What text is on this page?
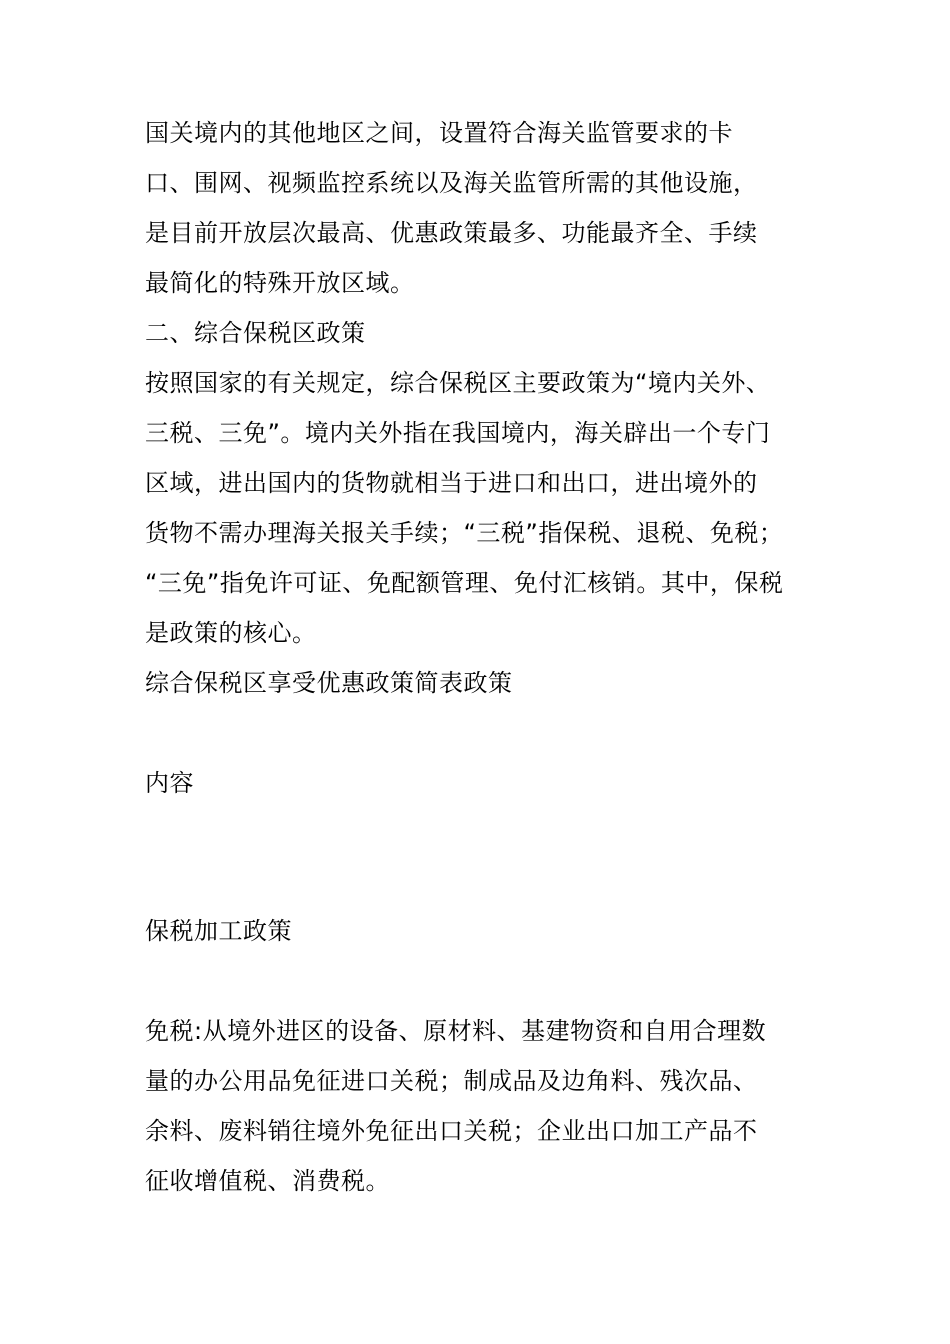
国关境内的其他地区之间，设置符合海关监管要求的卡
口、围网、视频监控系统以及海关监管所需的其他设施，
是目前开放层次最高、优惠政策最多、功能最齐全、手续
最简化的特殊开放区域。
二、综合保税区政策
按照国家的有关规定，综合保税区主要政策为“境内关外、
三税、三免”。境内关外指在我国境内，海关辟出一个专门
区域，进出国内的货物就相当于进口和出口，进出境外的
货物不需办理海关报关手续；“三税”指保税、退税、免税；
“三免”指免许可证、免配额管理、免付汇核销。其中，保税
是政策的核心。
综合保税区享受优惠政策简表政策
内容
保税加工政策
免税:从境外进区的设备、原材料、基建物资和自用合理数
量的办公用品免征进口关税；制成品及边角料、残次品、
余料、废料销往境外免征出口关税；企业出口加工产品不
征收增值税、消费税。
